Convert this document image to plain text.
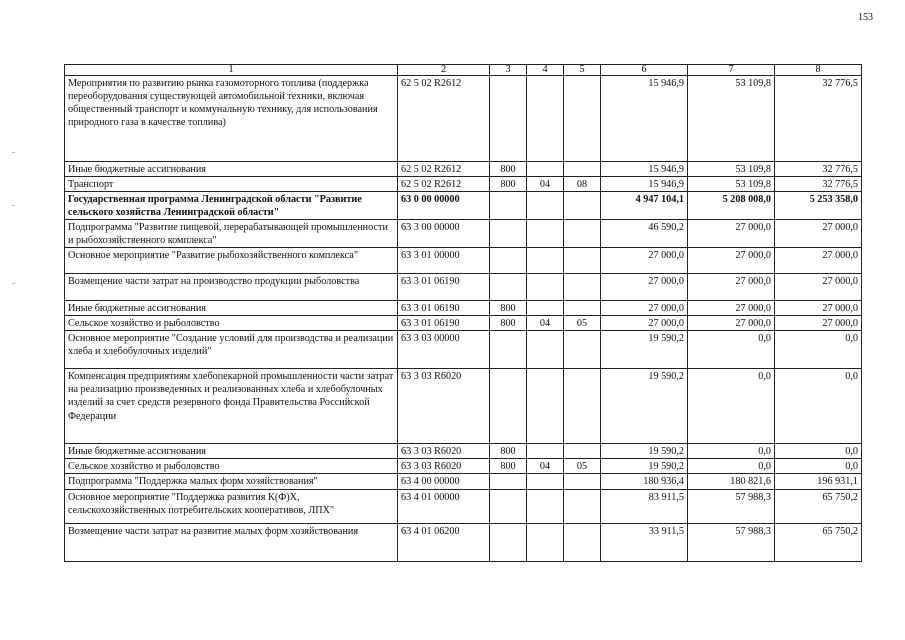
153
1	2	3	4	5	6	7	8
Мероприятия по развитию рынка газомоторного топлива (поддержка переоборудования существующей автомобильной техники, включая общественный транспорт и коммунальную технику, для использования природного газа в качестве топлива)	62 5 02 R2612				15 946,9	53 109,8	32 776,5
Иные бюджетные ассигнования	62 5 02 R2612	800			15 946,9	53 109,8	32 776,5
Транспорт	62 5 02 R2612	800	04	08	15 946,9	53 109,8	32 776,5
Государственная программа Ленинградской области "Развитие сельского хозяйства Ленинградской области"	63 0 00 00000				4 947 104,1	5 208 008,0	5 253 358,0
Подпрограмма "Развитие пищевой, перерабатывающей промышленности и рыбохозяйственного комплекса"	63 3 00 00000				46 590,2	27 000,0	27 000,0
Основное мероприятие "Развитие рыбохозяйственного комплекса"	63 3 01 00000				27 000,0	27 000,0	27 000,0
Возмещение части затрат на производство продукции рыболовства	63 3 01 06190				27 000,0	27 000,0	27 000,0
Иные бюджетные ассигнования	63 3 01 06190	800			27 000,0	27 000,0	27 000,0
Сельское хозяйство и рыболовство	63 3 01 06190	800	04	05	27 000,0	27 000,0	27 000,0
Основное мероприятие "Создание условий для производства и реализации хлеба и хлебобулочных изделий"	63 3 03 00000				19 590,2	0,0	0,0
Компенсация предприятиям хлебопекарной промышленности части затрат на реализацию произведенных и реализованных хлеба и хлебобулочных изделий за счет средств резервного фонда Правительства Российской Федерации	63 3 03 R6020				19 590,2	0,0	0,0
Иные бюджетные ассигнования	63 3 03 R6020	800			19 590,2	0,0	0,0
Сельское хозяйство и рыболовство	63 3 03 R6020	800	04	05	19 590,2	0,0	0,0
Подпрограмма "Поддержка малых форм хозяйствования"	63 4 00 00000				180 936,4	180 821,6	196 931,1
Основное мероприятие "Поддержка развития К(Ф)Х, сельскохозяйственных потребительских кооперативов, ЛПХ"	63 4 01 00000				83 911,5	57 988,3	65 750,2
Возмещение части затрат на развитие малых форм хозяйствования	63 4 01 06200				33 911,5	57 988,3	65 750,2
